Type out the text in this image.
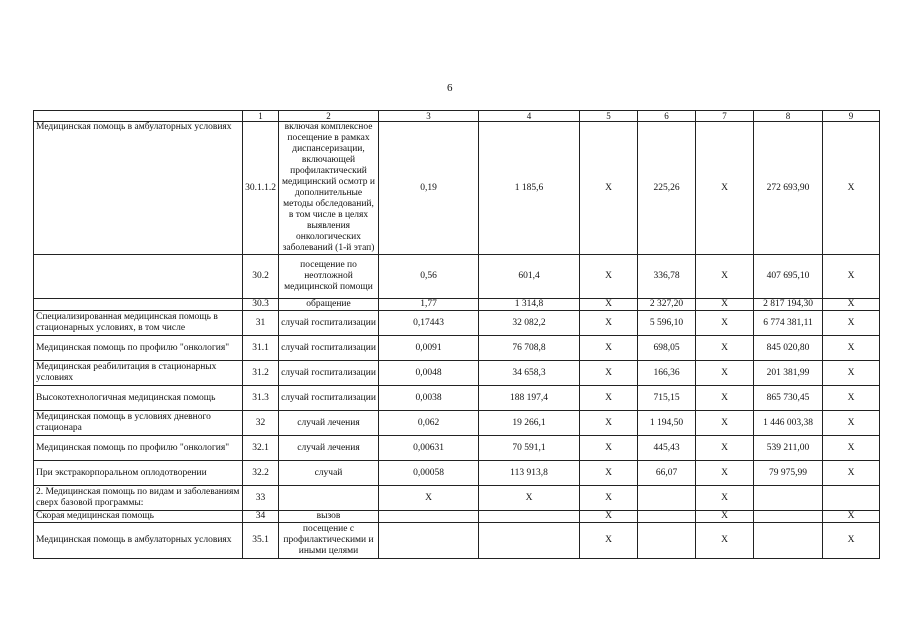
6
	1	2	3	4	5	6	7	8	9
Медицинская помощь в амбулаторных условиях	30.1.1.2	включая комплексное посещение в рамках диспансеризации, включающей профилактический медицинский осмотр и дополнительные методы обследований, в том числе в целях выявления онкологических заболеваний (1-й этап)	0,19	1 185,6	X	225,26	X	272 693,90	X
	30.2	посещение по неотложной медицинской помощи	0,56	601,4	X	336,78	X	407 695,10	X
	30.3	обращение	1,77	1 314,8	X	2 327,20	X	2 817 194,30	X
Специализированная медицинская помощь в стационарных условиях, в том числе	31	случай госпитализации	0,17443	32 082,2	X	5 596,10	X	6 774 381,11	X
Медицинская помощь по профилю "онкология"	31.1	случай госпитализации	0,0091	76 708,8	X	698,05	X	845 020,80	X
Медицинская реабилитация в стационарных условиях	31.2	случай госпитализации	0,0048	34 658,3	X	166,36	X	201 381,99	X
Высокотехнологичная медицинская помощь	31.3	случай госпитализации	0,0038	188 197,4	X	715,15	X	865 730,45	X
Медицинская помощь в условиях дневного стационара	32	случай лечения	0,062	19 266,1	X	1 194,50	X	1 446 003,38	X
Медицинская помощь по профилю "онкология"	32.1	случай лечения	0,00631	70 591,1	X	445,43	X	539 211,00	X
При экстракорпоральном оплодотворении	32.2	случай	0,00058	113 913,8	X	66,07	X	79 975,99	X
2. Медицинская помощь по видам и заболеваниям сверх базовой программы:	33		X	X	X		X		
Скорая медицинская помощь	34	вызов			X		X		X
Медицинская помощь в амбулаторных условиях	35.1	посещение с профилактическими и иными целями			X		X		X
